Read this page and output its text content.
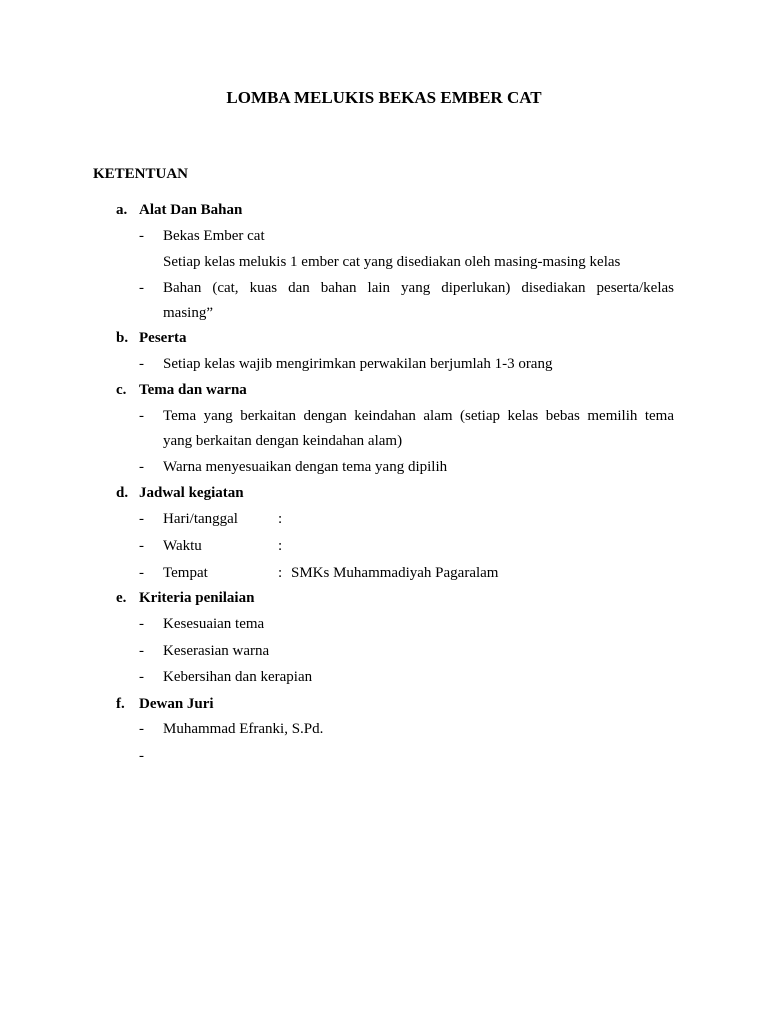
LOMBA MELUKIS BEKAS EMBER CAT
KETENTUAN
a. Alat Dan Bahan
- Bekas Ember cat
Setiap kelas melukis 1 ember cat yang disediakan oleh masing-masing kelas
- Bahan (cat, kuas dan bahan lain yang diperlukan) disediakan peserta/kelas
masing”
b. Peserta
- Setiap kelas wajib mengirimkan perwakilan berjumlah 1-3 orang
c. Tema dan warna
- Tema yang berkaitan dengan keindahan alam (setiap kelas bebas memilih tema
yang berkaitan dengan keindahan alam)
- Warna menyesuaikan dengan tema yang dipilih
d. Jadwal kegiatan
- Hari/tanggal	:
- Waktu	:
- Tempat	: SMKs Muhammadiyah Pagaralam
e. Kriteria penilaian
- Kesesuaian tema
- Keserasian warna
- Kebersihan dan kerapian
f. Dewan Juri
- Muhammad Efranki, S.Pd.
-
